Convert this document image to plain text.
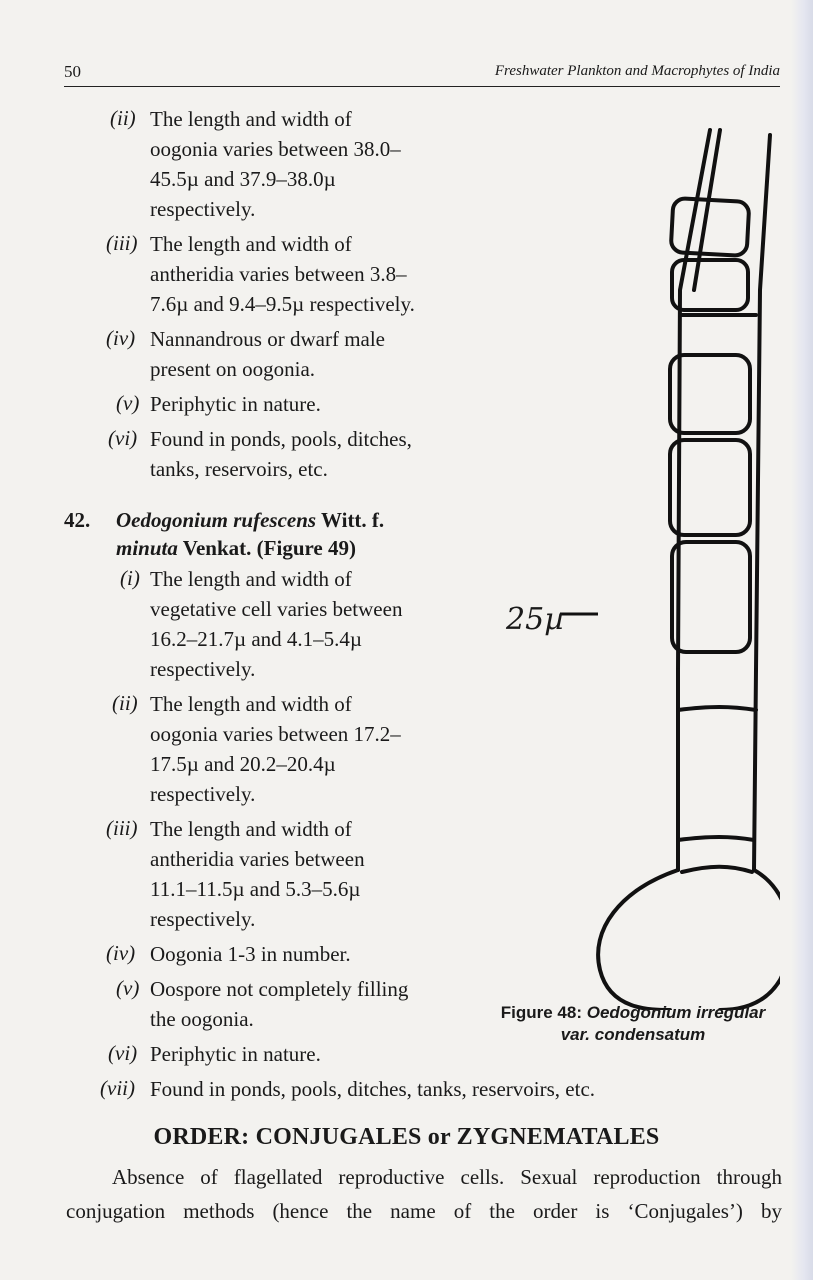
50	Freshwater Plankton and Macrophytes of India
(ii) The length and width of
oogonia varies between 38.0–
45.5µ and 37.9–38.0µ
respectively.
(iii) The length and width of
antheridia varies between 3.8–
7.6µ and 9.4–9.5µ respectively.
(iv) Nannandrous or dwarf male
present on oogonia.
(v) Periphytic in nature.
(vi) Found in ponds, pools, ditches,
tanks, reservoirs, etc.
42. Oedogonium rufescens Witt. f.
minuta Venkat. (Figure 49)
(i) The length and width of
vegetative cell varies between
16.2–21.7µ and 4.1–5.4µ
respectively.
(ii) The length and width of
oogonia varies between 17.2–
17.5µ and 20.2–20.4µ
respectively.
(iii) The length and width of
antheridia varies between
11.1–11.5µ and 5.3–5.6µ
respectively.
(iv) Oogonia 1-3 in number.
(v) Oospore not completely filling
the oogonia.
(vi) Periphytic in nature.
(vii) Found in ponds, pools, ditches, tanks, reservoirs, etc.
25µ
Figure 48: Oedogonium irregular var. condensatum
ORDER: CONJUGALES or ZYGNEMATALES
Absence of flagellated reproductive cells. Sexual reproduction through
conjugation methods (hence the name of the order is ‘Conjugales’) by
